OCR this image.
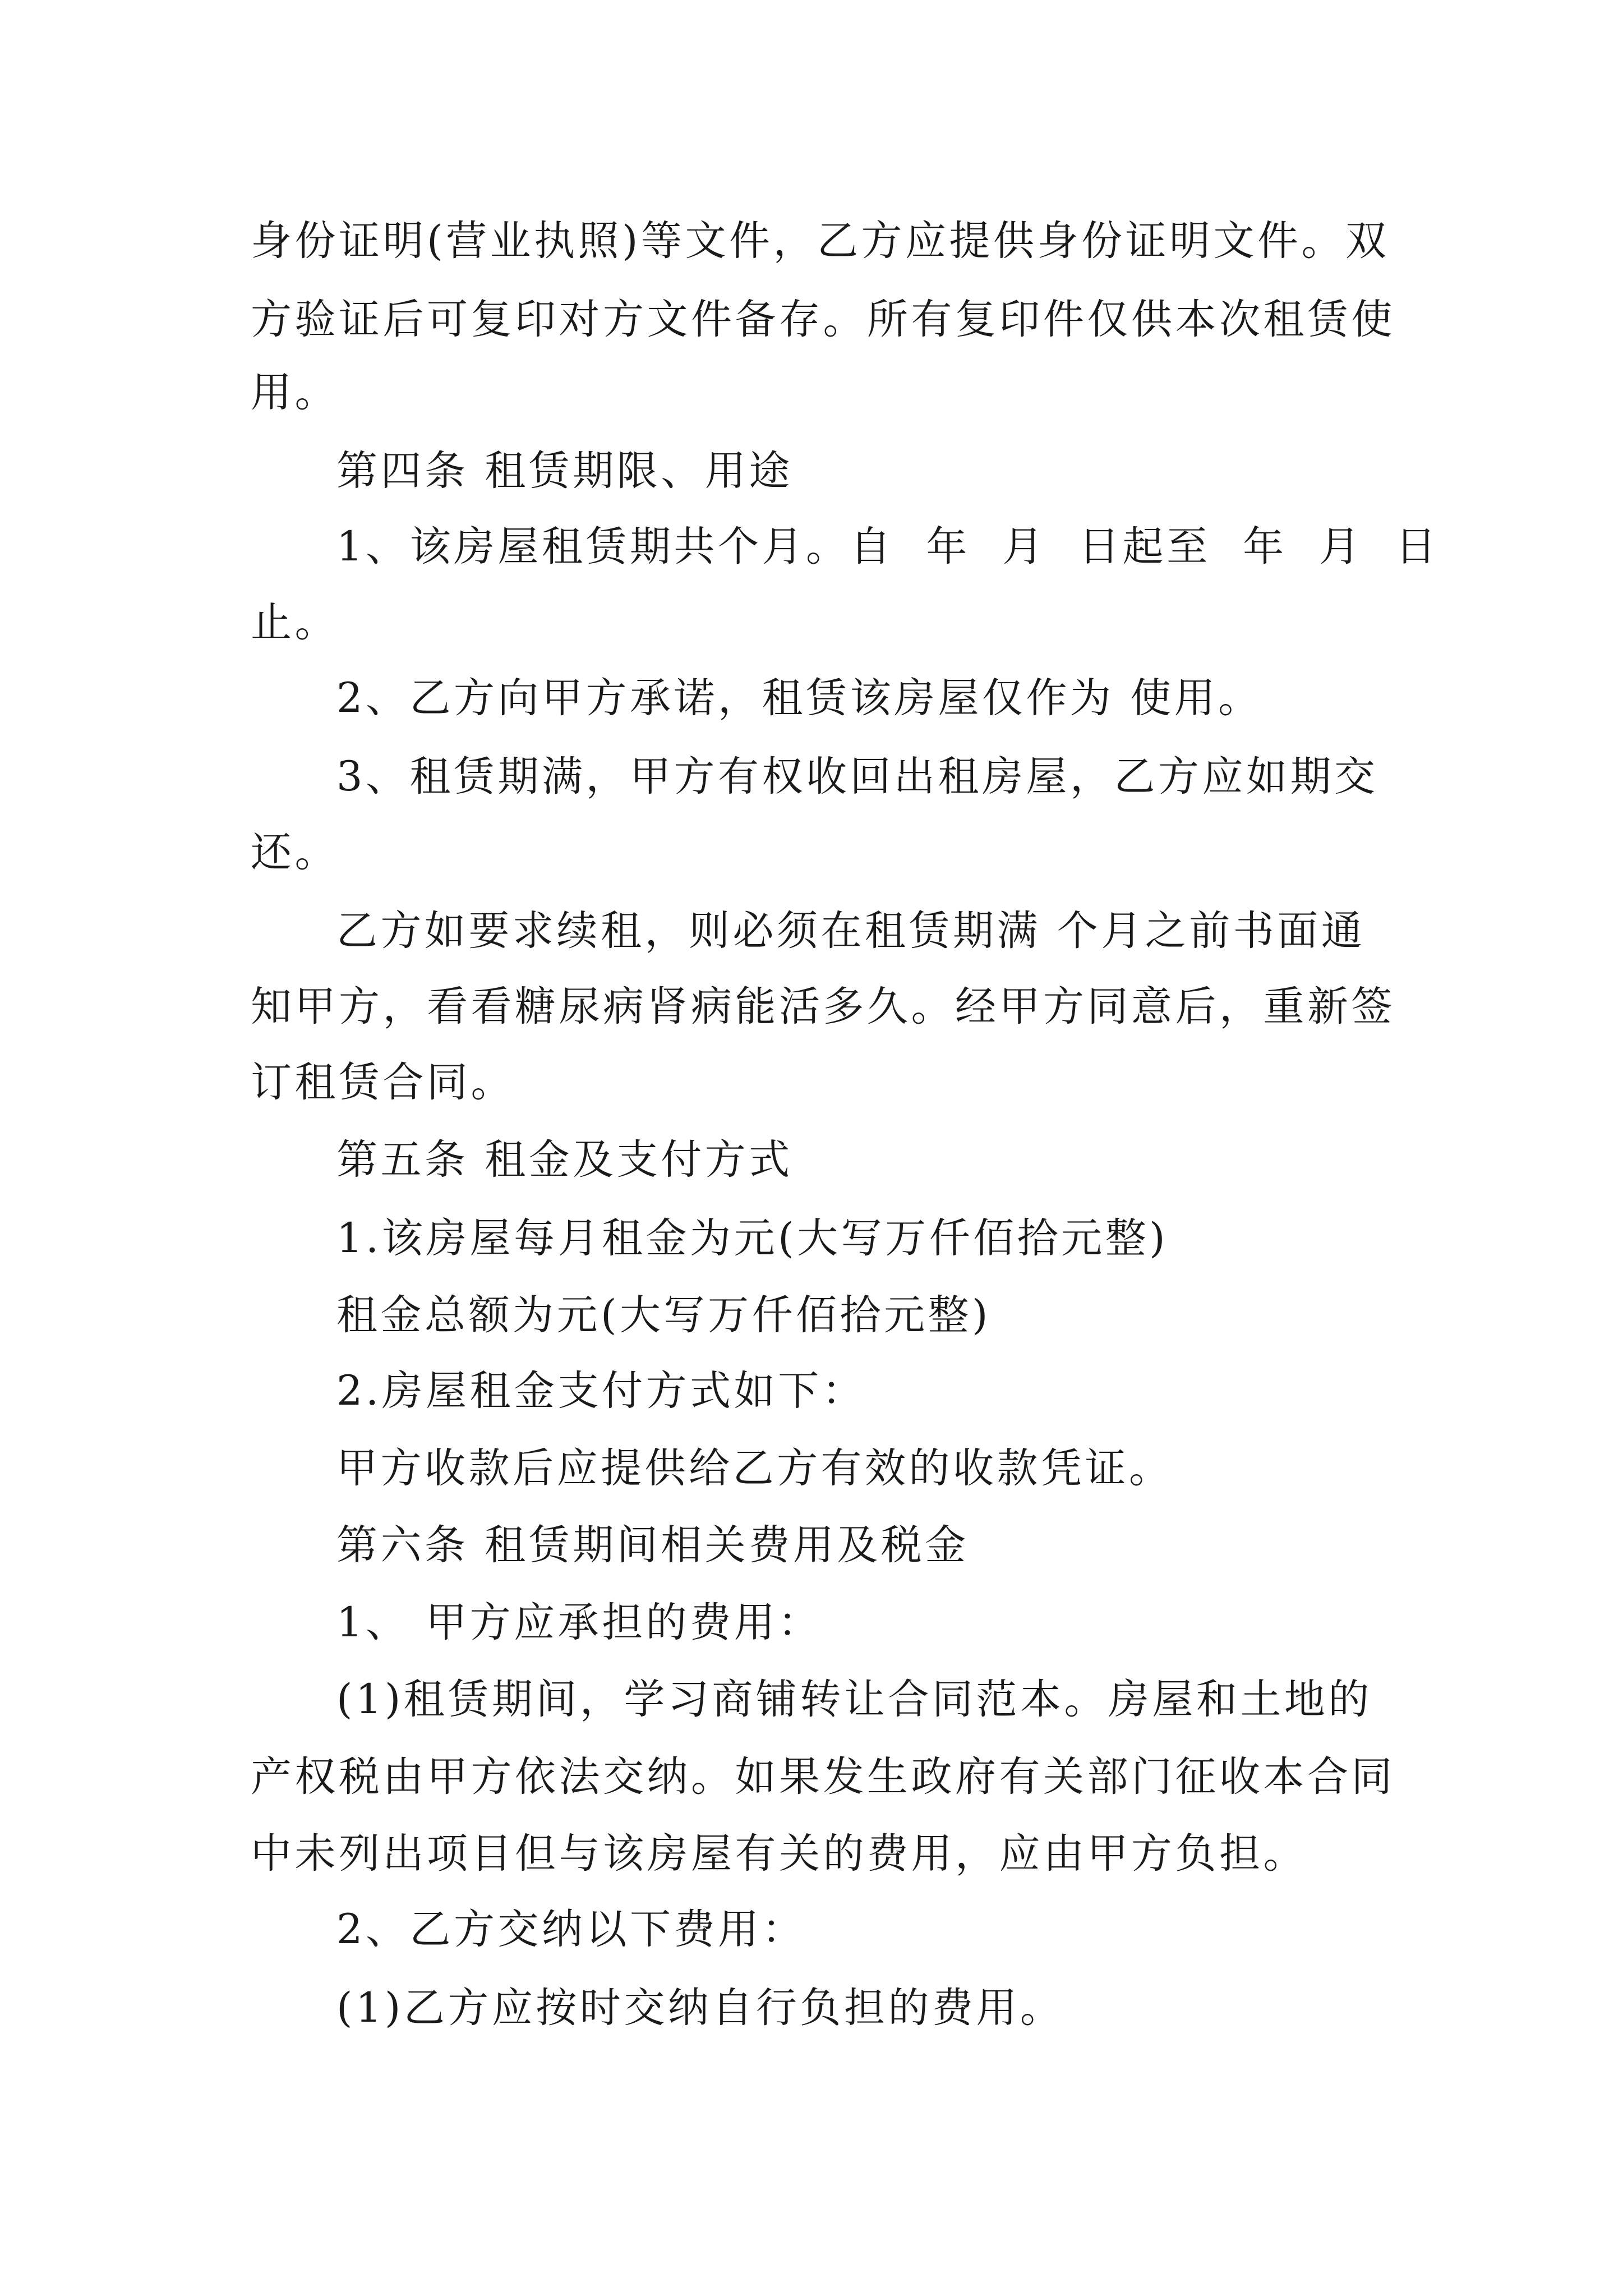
身份证明(营业执照)等文件，乙方应提供身份证明文件。双
方验证后可复印对方文件备存。所有复印件仅供本次租赁使
用。
第四条 租赁期限、用途
1、该房屋租赁期共个月。自  年  月  日起至  年  月  日
止。
2、乙方向甲方承诺，租赁该房屋仅作为 使用。
3、租赁期满，甲方有权收回出租房屋，乙方应如期交
还。
乙方如要求续租，则必须在租赁期满 个月之前书面通
知甲方，看看糖尿病肾病能活多久。经甲方同意后，重新签
订租赁合同。
第五条 租金及支付方式
1.该房屋每月租金为元(大写万仟佰拾元整)
租金总额为元(大写万仟佰拾元整)
2.房屋租金支付方式如下：
甲方收款后应提供给乙方有效的收款凭证。
第六条 租赁期间相关费用及税金
1、 甲方应承担的费用：
(1)租赁期间，学习商铺转让合同范本。房屋和土地的
产权税由甲方依法交纳。如果发生政府有关部门征收本合同
中未列出项目但与该房屋有关的费用，应由甲方负担。
2、乙方交纳以下费用：
(1)乙方应按时交纳自行负担的费用。
